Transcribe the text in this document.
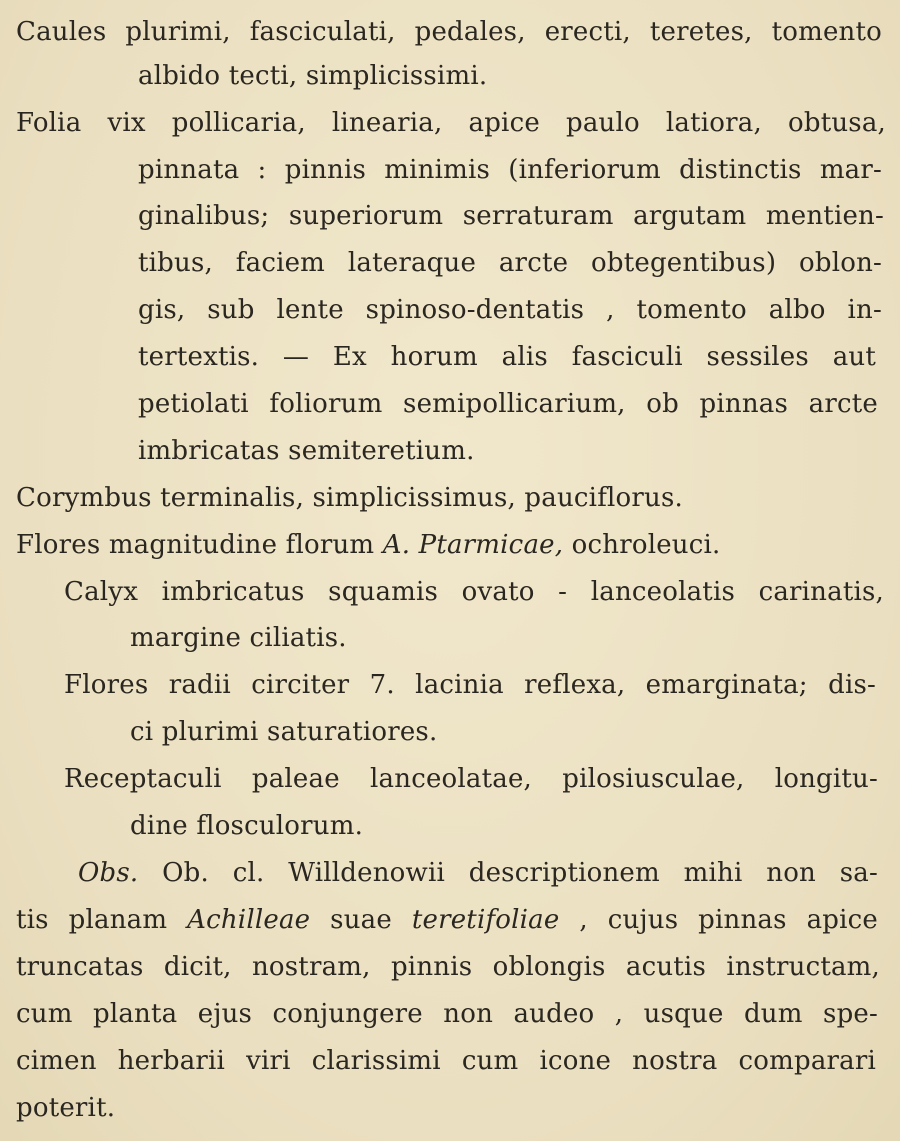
Caules plurimi, fasciculati, pedales, erecti, teretes, tomento
albido tecti, simplicissimi.
Folia vix pollicaria, linearia, apice paulo latiora, obtusa,
pinnata : pinnis minimis (inferiorum distinctis mar-
ginalibus; superiorum serraturam argutam mentien-
tibus, faciem lateraque arcte obtegentibus) oblon-
gis, sub lente spinoso-dentatis , tomento albo in-
tertextis. — Ex horum alis fasciculi sessiles aut
petiolati foliorum semipollicarium, ob pinnas arcte
imbricatas semiteretium.
Corymbus terminalis, simplicissimus, pauciflorus.
Flores magnitudine florum A. Ptarmicae, ochroleuci.
Calyx imbricatus squamis ovato - lanceolatis carinatis,
margine ciliatis.
Flores radii circiter 7. lacinia reflexa, emarginata; dis-
ci plurimi saturatiores.
Receptaculi paleae lanceolatae, pilosiusculae, longitu-
dine flosculorum.
Obs. Ob. cl. Willdenowii descriptionem mihi non sa-
tis planam Achilleae suae teretifoliae , cujus pinnas apice
truncatas dicit, nostram, pinnis oblongis acutis instructam,
cum planta ejus conjungere non audeo , usque dum spe-
cimen herbarii viri clarissimi cum icone nostra comparari
poterit.
